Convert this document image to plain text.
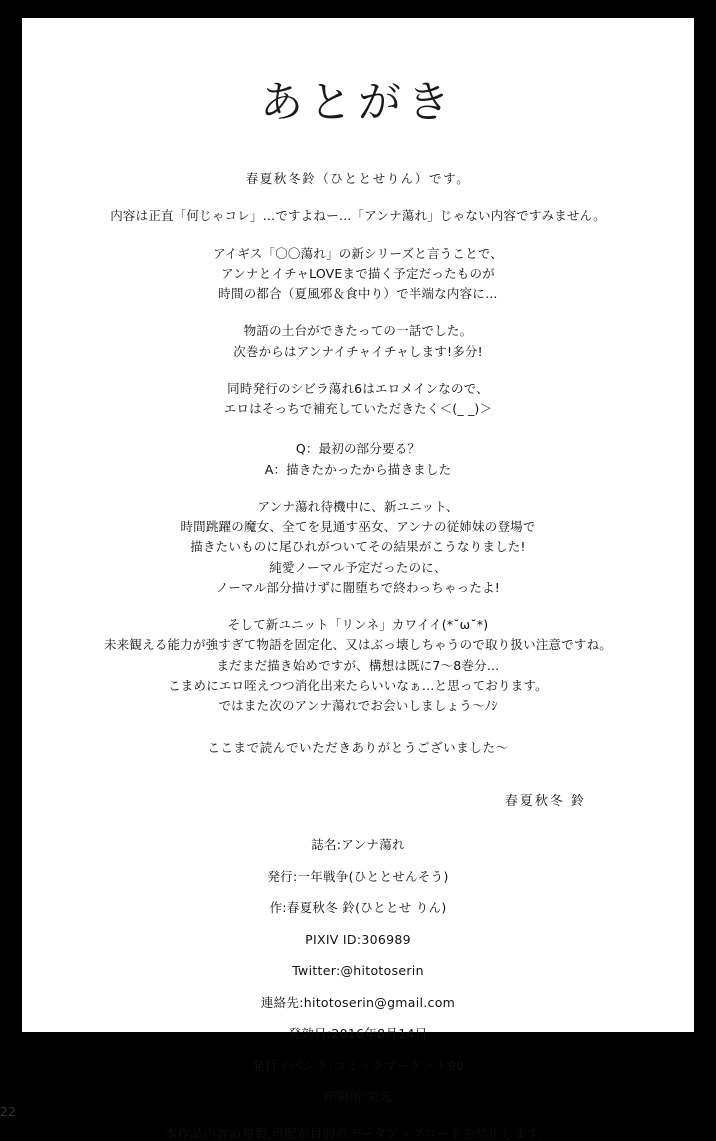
あとがき
春夏秋冬鈴（ひととせりん）です。
内容は正直「何じゃコレ」…ですよねー…「アンナ蕩れ」じゃない内容ですみません。
アイギス「〇〇蕩れ」の新シリーズと言うことで、
アンナとイチャLOVEまで描く予定だったものが
時間の都合（夏風邪＆食中り）で半端な内容に…
物語の土台ができたっての一話でした。
次巻からはアンナイチャイチャします!多分!
同時発行のシビラ蕩れ6はエロメインなので、
エロはそっちで補充していただきたく＜(_ _)＞
Q：最初の部分要る？
A：描きたかったから描きました
アンナ蕩れ待機中に、新ユニット、
時間跳躍の魔女、全てを見通す巫女、アンナの従姉妹の登場で
描きたいものに尾ひれがついてその結果がこうなりました!
純愛ノーマル予定だったのに、
ノーマル部分描けずに闇堕ちで終わっちゃったよ!
そして新ユニット「リンネ」カワイイ(*˘ω˘*)
未来観える能力が強すぎて物語を固定化、又はぶっ壊しちゃうので取り扱い注意ですね。
まだまだ描き始めですが、構想は既に7～8巻分…
こまめにエロ咥えつつ消化出来たらいいなぁ…と思っております。
ではまた次のアンナ蕩れでお会いしましょう～ﾉｼ
ここまで読んでいただきありがとうございました～
春夏秋冬 鈴
誌名:アンナ蕩れ
発行:一年戦争(ひととせんそう)
作:春夏秋冬 鈴(ひととせ りん)
PIXIV ID:306989
Twitter:@hitotoserin
連絡先:hitotoserin@gmail.com
発効日:2016年8月14日
発行イベント:コミックマーケット90
印刷所:栄光
本作品内容の複製,再配布目的のデータアップロードを禁止します。
22
